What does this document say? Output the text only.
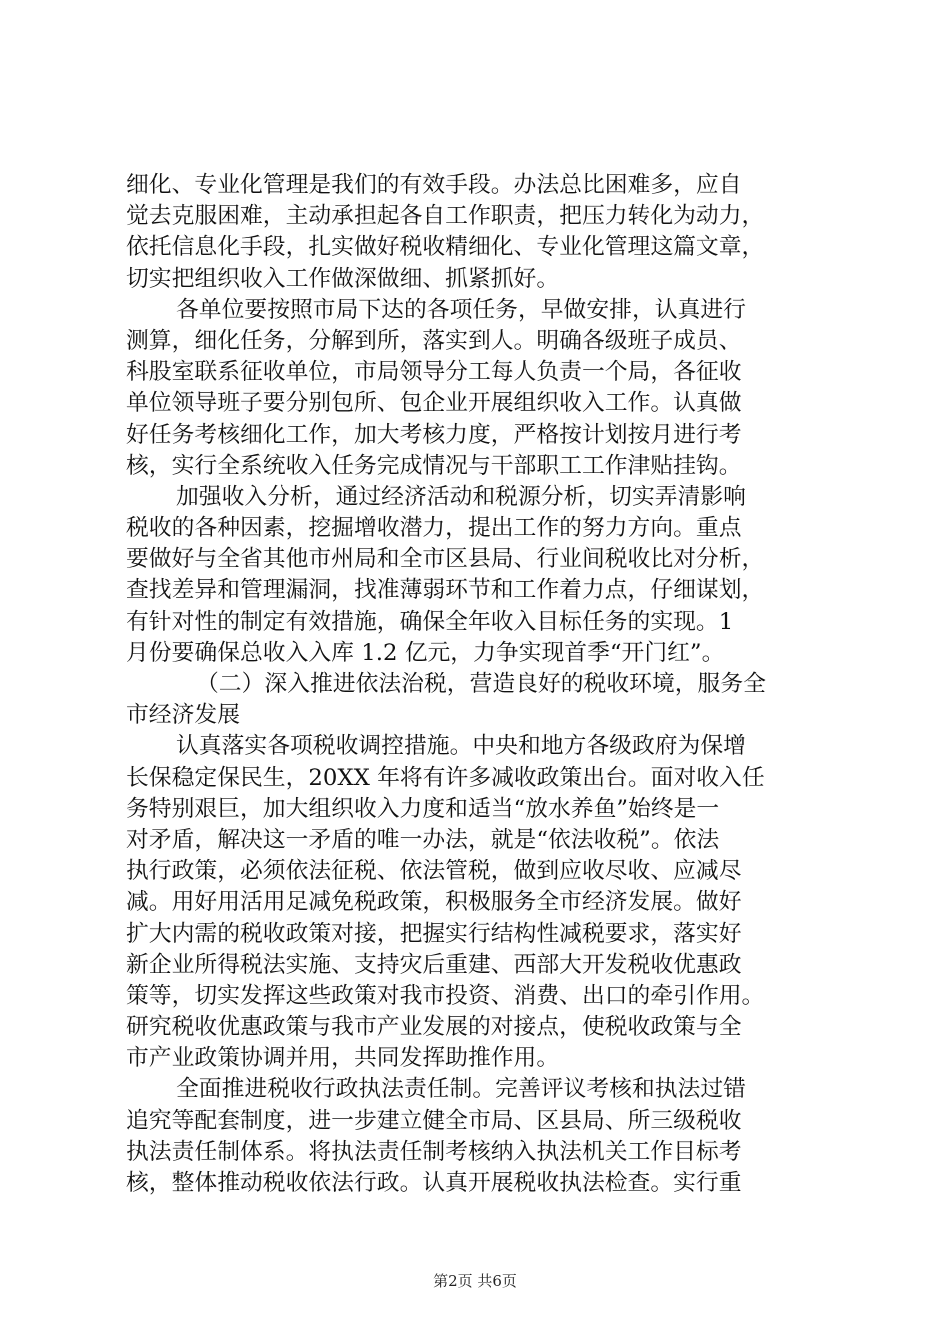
细化、专业化管理是我们的有效手段。办法总比困难多，应自
觉去克服困难，主动承担起各自工作职责，把压力转化为动力，
依托信息化手段，扎实做好税收精细化、专业化管理这篇文章，
切实把组织收入工作做深做细、抓紧抓好。
各单位要按照市局下达的各项任务，早做安排，认真进行
测算，细化任务，分解到所，落实到人。明确各级班子成员、
科股室联系征收单位，市局领导分工每人负责一个局，各征收
单位领导班子要分别包所、包企业开展组织收入工作。认真做
好任务考核细化工作，加大考核力度，严格按计划按月进行考
核，实行全系统收入任务完成情况与干部职工工作津贴挂钩。
加强收入分析，通过经济活动和税源分析，切实弄清影响
税收的各种因素，挖掘增收潜力，提出工作的努力方向。重点
要做好与全省其他市州局和全市区县局、行业间税收比对分析，
查找差异和管理漏洞，找准薄弱环节和工作着力点，仔细谋划，
有针对性的制定有效措施，确保全年收入目标任务的实现。1
月份要确保总收入入库 1.2 亿元，力争实现首季“开门红”。
（二）深入推进依法治税，营造良好的税收环境，服务全
市经济发展
认真落实各项税收调控措施。中央和地方各级政府为保增
长保稳定保民生，20XX 年将有许多减收政策出台。面对收入任
务特别艰巨，加大组织收入力度和适当“放水养鱼”始终是一
对矛盾，解决这一矛盾的唯一办法，就是“依法收税”。依法
执行政策，必须依法征税、依法管税，做到应收尽收、应减尽
减。用好用活用足减免税政策，积极服务全市经济发展。做好
扩大内需的税收政策对接，把握实行结构性减税要求，落实好
新企业所得税法实施、支持灾后重建、西部大开发税收优惠政
策等，切实发挥这些政策对我市投资、消费、出口的牵引作用。
研究税收优惠政策与我市产业发展的对接点，使税收政策与全
市产业政策协调并用，共同发挥助推作用。
全面推进税收行政执法责任制。完善评议考核和执法过错
追究等配套制度，进一步建立健全市局、区县局、所三级税收
执法责任制体系。将执法责任制考核纳入执法机关工作目标考
核，整体推动税收依法行政。认真开展税收执法检查。实行重
第2页 共6页
